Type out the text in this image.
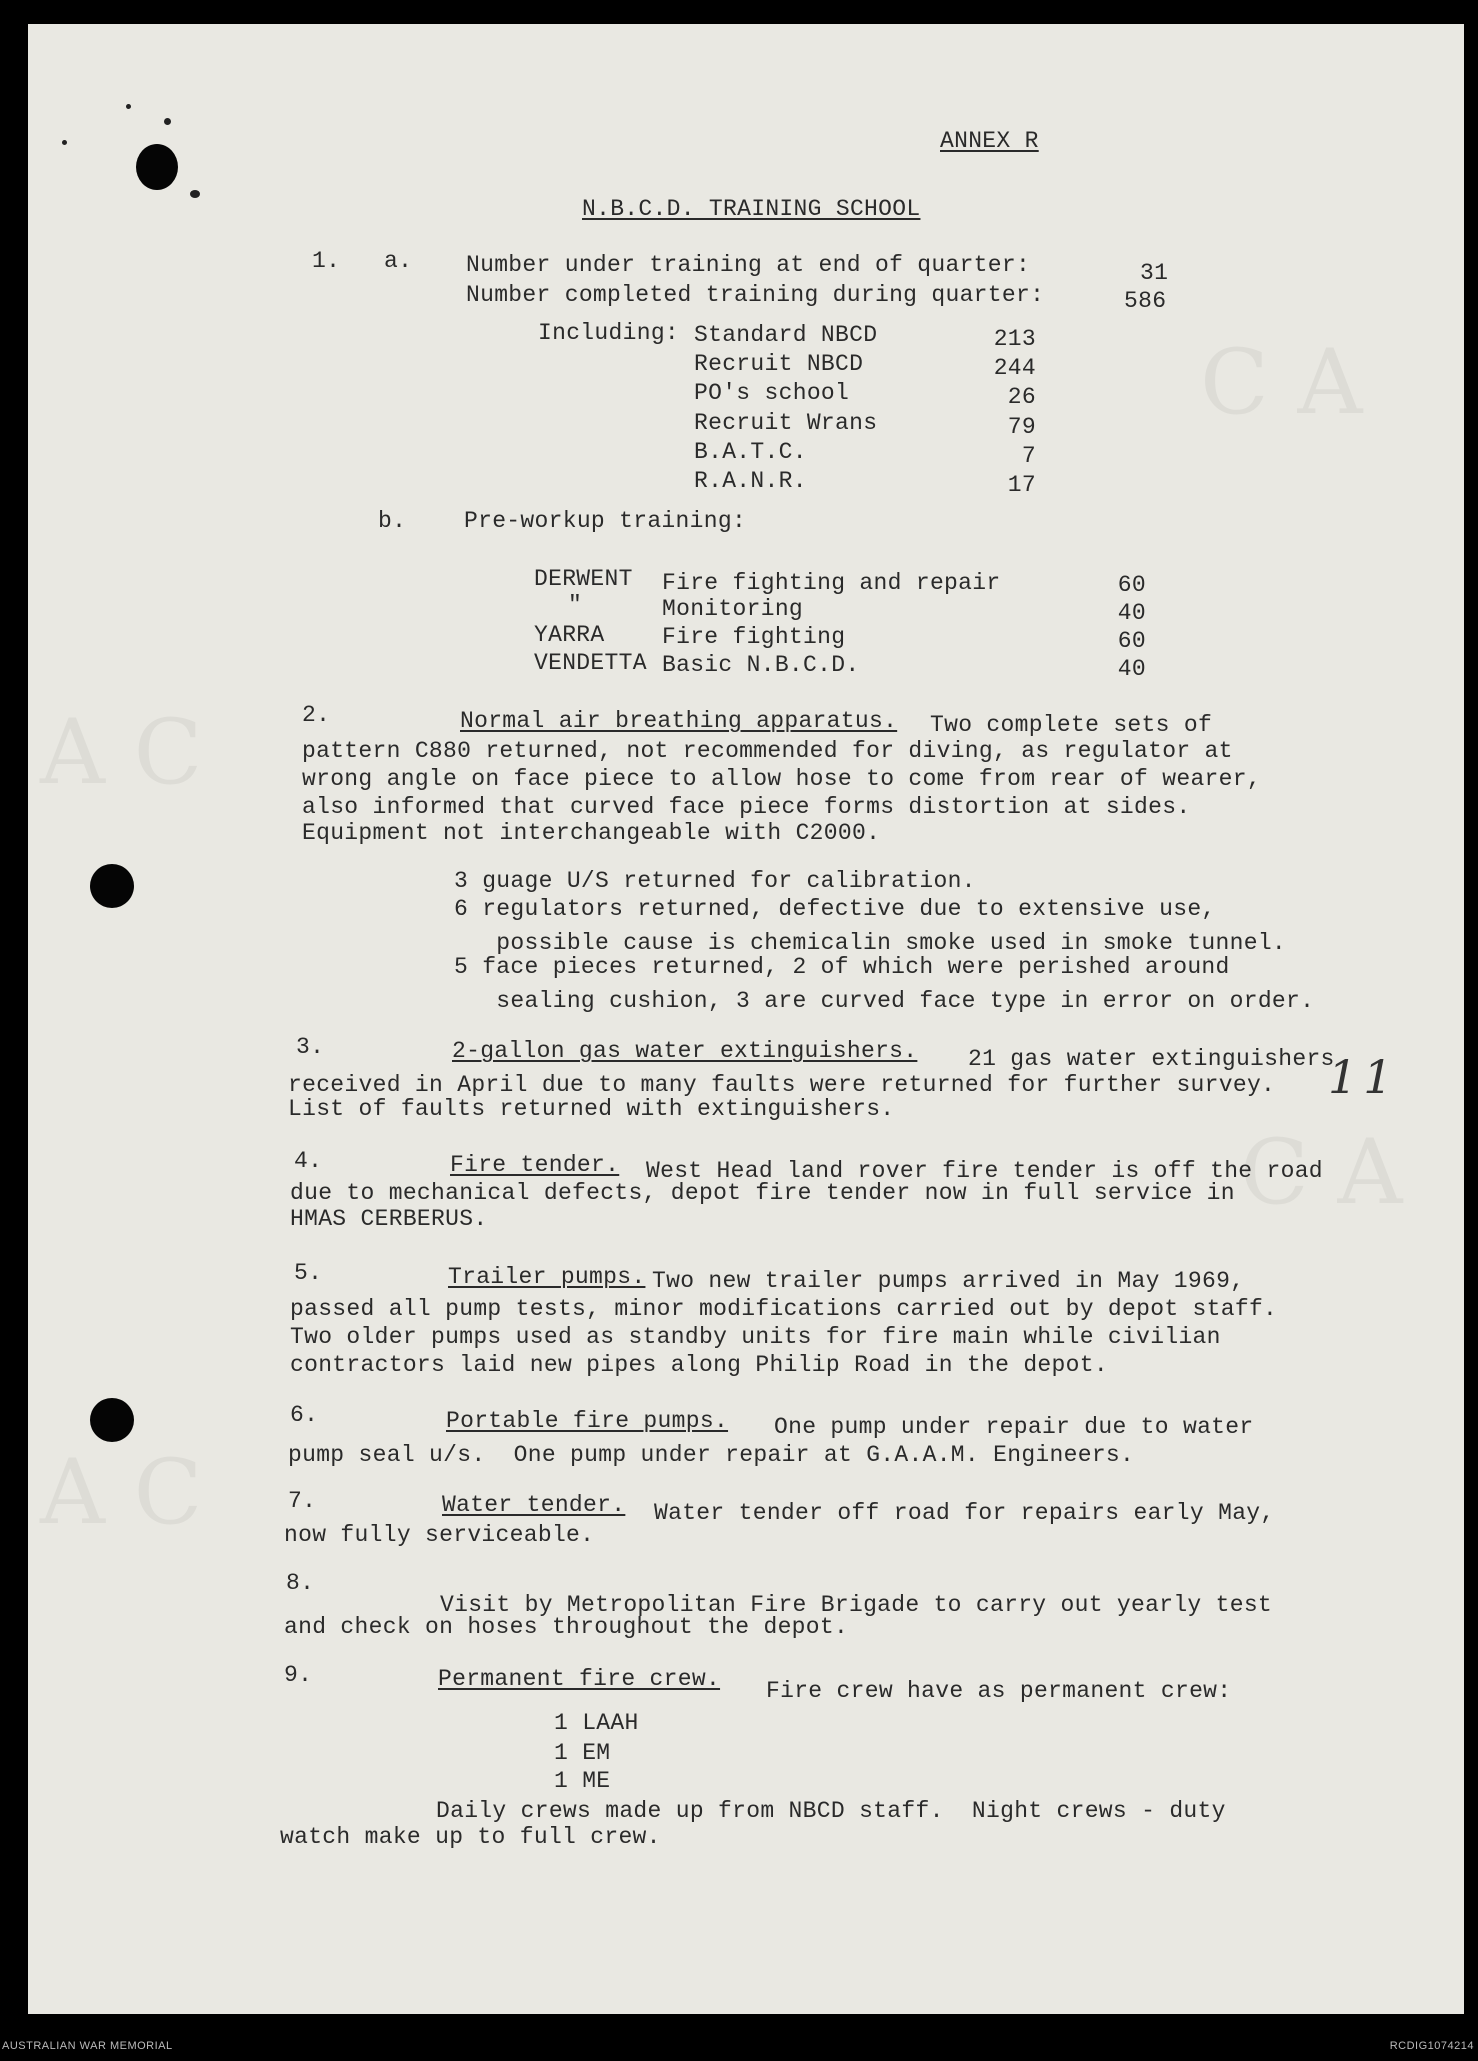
C A
A C
C A
A C
ANNEX R
N.B.C.D. TRAINING SCHOOL
1. a. Number under training at end of quarter:	31
Number completed training during quarter:	586
Including: Standard NBCD	213
Recruit NBCD	244
PO's school	26
Recruit Wrans	79
B.A.T.C.	7
R.A.N.R.	17
b.	Pre-workup training:
DERWENT Fire fighting and repair	60
"	Monitoring	40
YARRA Fire fighting	60
VENDETTA Basic N.B.C.D.	40
2.	Normal air breathing apparatus. Two complete sets of
pattern C880 returned, not recommended for diving, as regulator at
wrong angle on face piece to allow hose to come from rear of wearer,
also informed that curved face piece forms distortion at sides.
Equipment not interchangeable with C2000.
3 guage U/S returned for calibration.
6 regulators returned, defective due to extensive use,
possible cause is chemicalin smoke used in smoke tunnel.
5 face pieces returned, 2 of which were perished around
sealing cushion, 3 are curved face type in error on order.
3.	2-gallon gas water extinguishers. 21 gas water extinguishers
received in April due to many faults were returned for further survey.
List of faults returned with extinguishers.
11
4.	Fire tender. West Head land rover fire tender is off the road
due to mechanical defects, depot fire tender now in full service in
HMAS CERBERUS.
5.	Trailer pumps. Two new trailer pumps arrived in May 1969,
passed all pump tests, minor modifications carried out by depot staff.
Two older pumps used as standby units for fire main while civilian
contractors laid new pipes along Philip Road in the depot.
6.	Portable fire pumps. One pump under repair due to water
pump seal u/s.  One pump under repair at G.A.A.M. Engineers.
7.	Water tender. Water tender off road for repairs early May,
now fully serviceable.
8.
Visit by Metropolitan Fire Brigade to carry out yearly test
and check on hoses throughout the depot.
9.	Permanent fire crew. Fire crew have as permanent crew:
1 LAAH
1 EM
1 ME
Daily crews made up from NBCD staff.  Night crews - duty
watch make up to full crew.
AUSTRALIAN WAR MEMORIAL	RCDIG1074214
